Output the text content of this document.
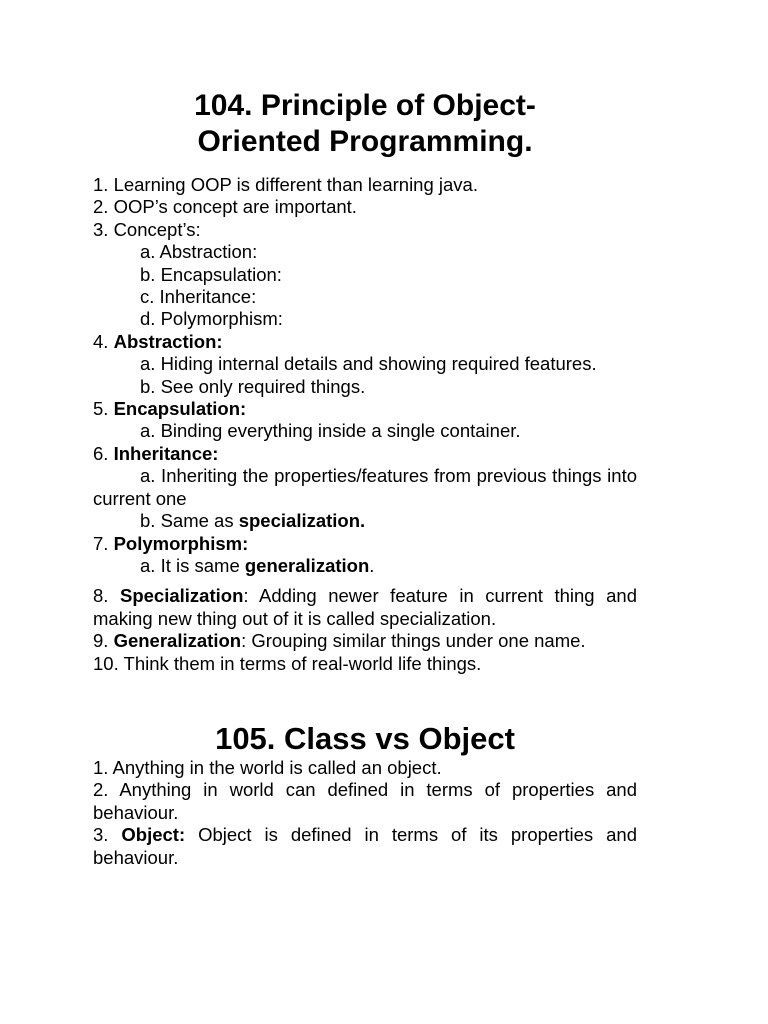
104. Principle of Object-
Oriented Programming.

1. Learning OOP is different than learning java.

2. OOP’s concept are important.

3. Concept’s:

a. Abstraction:

b. Encapsulation:

c. Inheritance:

d. Polymorphism:

4. Abstraction:

a. Hiding internal details and showing required features.

b. See only required things.

5. Encapsulation:

a. Binding everything inside a single container.

6. Inheritance:

a. Inheriting the properties/features from previous things into current one

b. Same as specialization.

7. Polymorphism:

a. It is same generalization.

8. Specialization: Adding newer feature in current thing and making new thing out of it is called specialization.

9. Generalization: Grouping similar things under one name.

10. Think them in terms of real-world life things.

105. Class vs Object

1. Anything in the world is called an object.

2. Anything in world can defined in terms of properties and behaviour.

3. Object: Object is defined in terms of its properties and behaviour.
